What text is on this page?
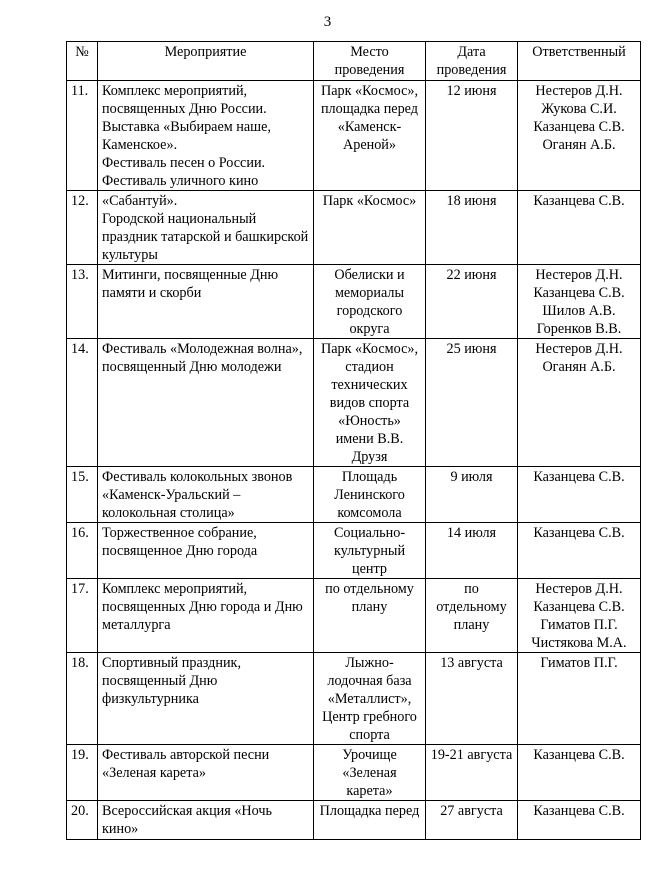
3
№	Мероприятие	Место проведения	Дата проведения	Ответственный
11.	Комплекс мероприятий, посвященных Дню России.
Выставка «Выбираем наше, Каменское».
Фестиваль песен о России.
Фестиваль уличного кино	Парк «Космос», площадка перед «Каменск-Ареной»	12 июня	Нестеров Д.Н.
Жукова С.И.
Казанцева С.В.
Оганян А.Б.
12.	«Сабантуй».
Городской национальный праздник татарской и башкирской культуры	Парк «Космос»	18 июня	Казанцева С.В.
13.	Митинги, посвященные Дню памяти и скорби	Обелиски и мемориалы городского округа	22 июня	Нестеров Д.Н.
Казанцева С.В.
Шилов А.В.
Горенков В.В.
14.	Фестиваль «Молодежная волна», посвященный Дню молодежи	Парк «Космос», стадион технических видов спорта «Юность» имени В.В. Друзя	25 июня	Нестеров Д.Н.
Оганян А.Б.
15.	Фестиваль колокольных звонов «Каменск-Уральский – колокольная столица»	Площадь Ленинского комсомола	9 июля	Казанцева С.В.
16.	Торжественное собрание, посвященное Дню города	Социально-культурный центр	14 июля	Казанцева С.В.
17.	Комплекс мероприятий, посвященных Дню города и Дню металлурга	по отдельному плану	по отдельному плану	Нестеров Д.Н.
Казанцева С.В.
Гиматов П.Г.
Чистякова М.А.
18.	Спортивный праздник, посвященный Дню физкультурника	Лыжно-лодочная база «Металлист», Центр гребного спорта	13 августа	Гиматов П.Г.
19.	Фестиваль авторской песни «Зеленая карета»	Урочище «Зеленая карета»	19-21 августа	Казанцева С.В.
20.	Всероссийская акция «Ночь кино»	Площадка перед	27 августа	Казанцева С.В.
